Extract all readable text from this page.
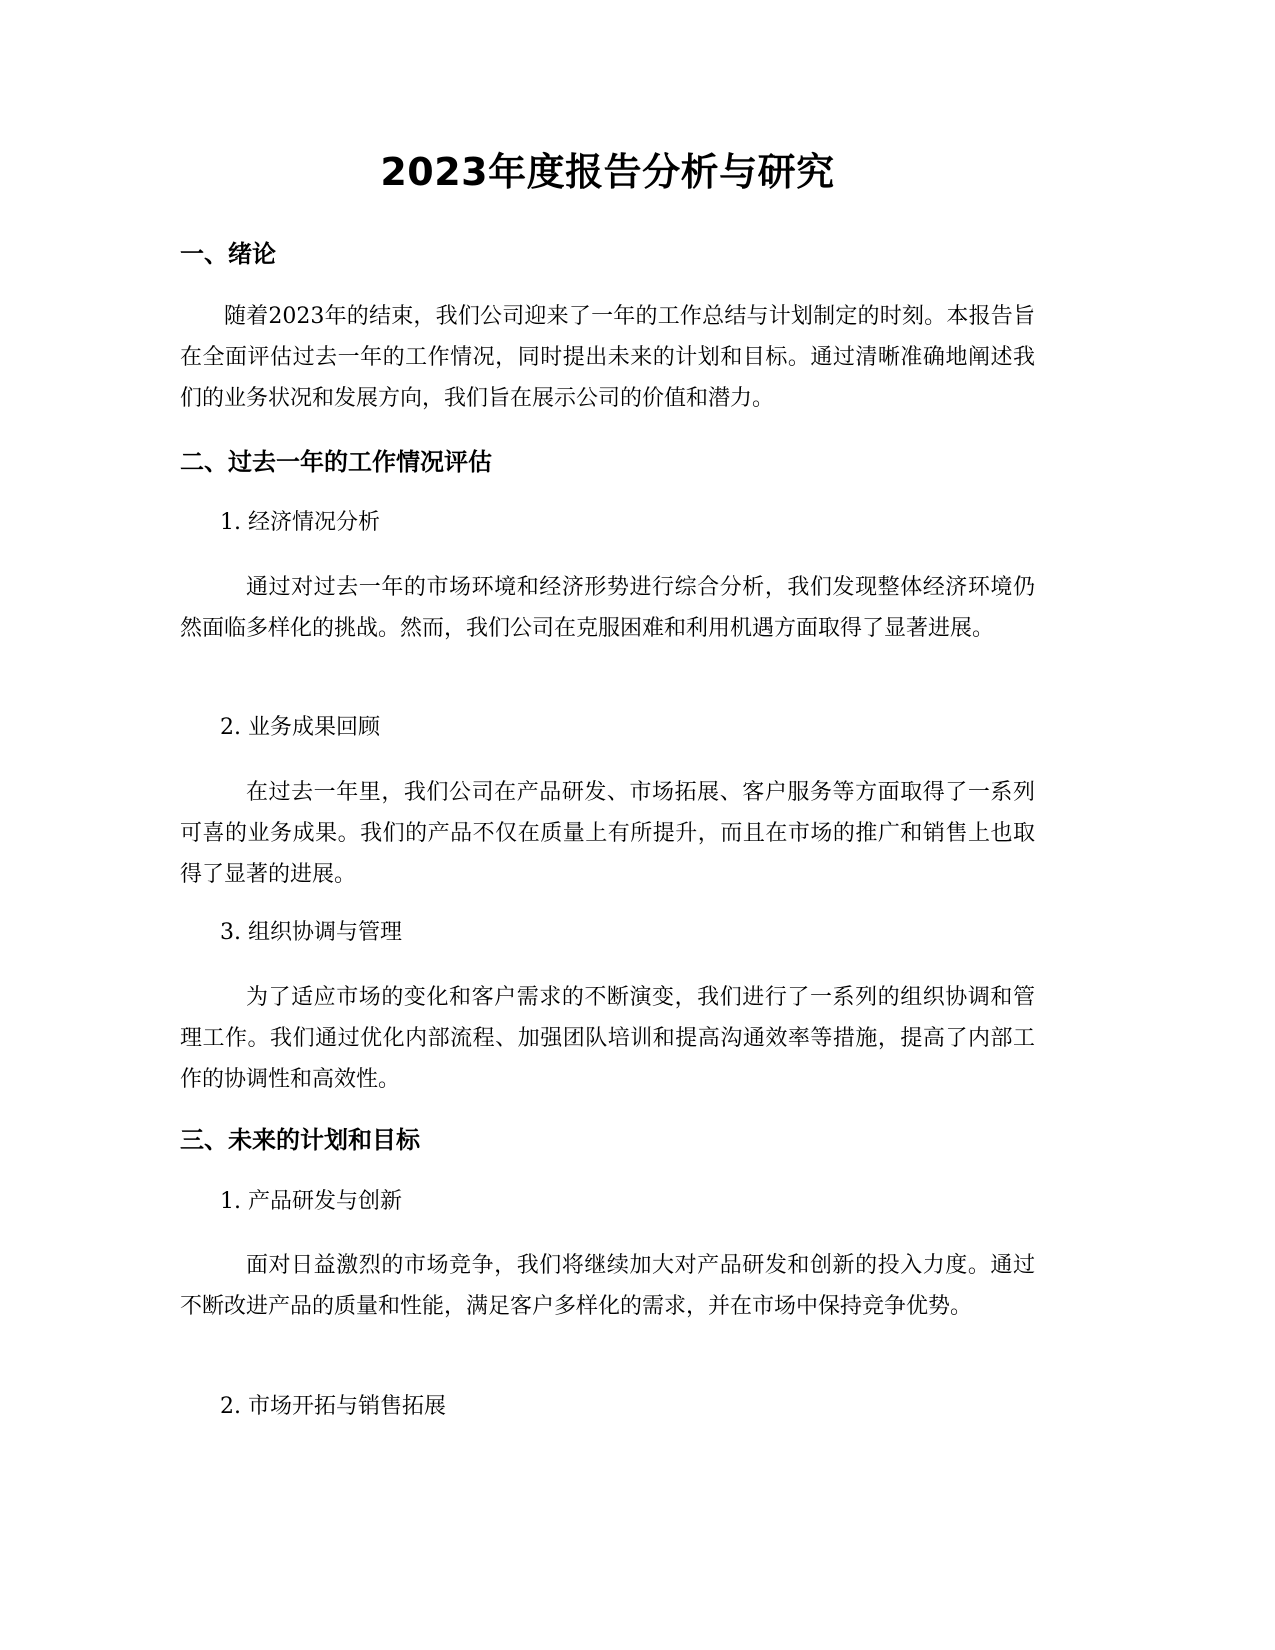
2023年度报告分析与研究
一、绪论

随着2023年的结束，我们公司迎来了一年的工作总结与计划制定的时刻。本报告旨在全面评估过去一年的工作情况，同时提出未来的计划和目标。通过清晰准确地阐述我们的业务状况和发展方向，我们旨在展示公司的价值和潜力。

二、过去一年的工作情况评估
1. 经济情况分析

通过对过去一年的市场环境和经济形势进行综合分析，我们发现整体经济环境仍然面临多样化的挑战。然而，我们公司在克服困难和利用机遇方面取得了显著进展。

2. 业务成果回顾

在过去一年里，我们公司在产品研发、市场拓展、客户服务等方面取得了一系列可喜的业务成果。我们的产品不仅在质量上有所提升，而且在市场的推广和销售上也取得了显著的进展。

3. 组织协调与管理

为了适应市场的变化和客户需求的不断演变，我们进行了一系列的组织协调和管理工作。我们通过优化内部流程、加强团队培训和提高沟通效率等措施，提高了内部工作的协调性和高效性。

三、未来的计划和目标
1. 产品研发与创新

面对日益激烈的市场竞争，我们将继续加大对产品研发和创新的投入力度。通过不断改进产品的质量和性能，满足客户多样化的需求，并在市场中保持竞争优势。

2. 市场开拓与销售拓展
